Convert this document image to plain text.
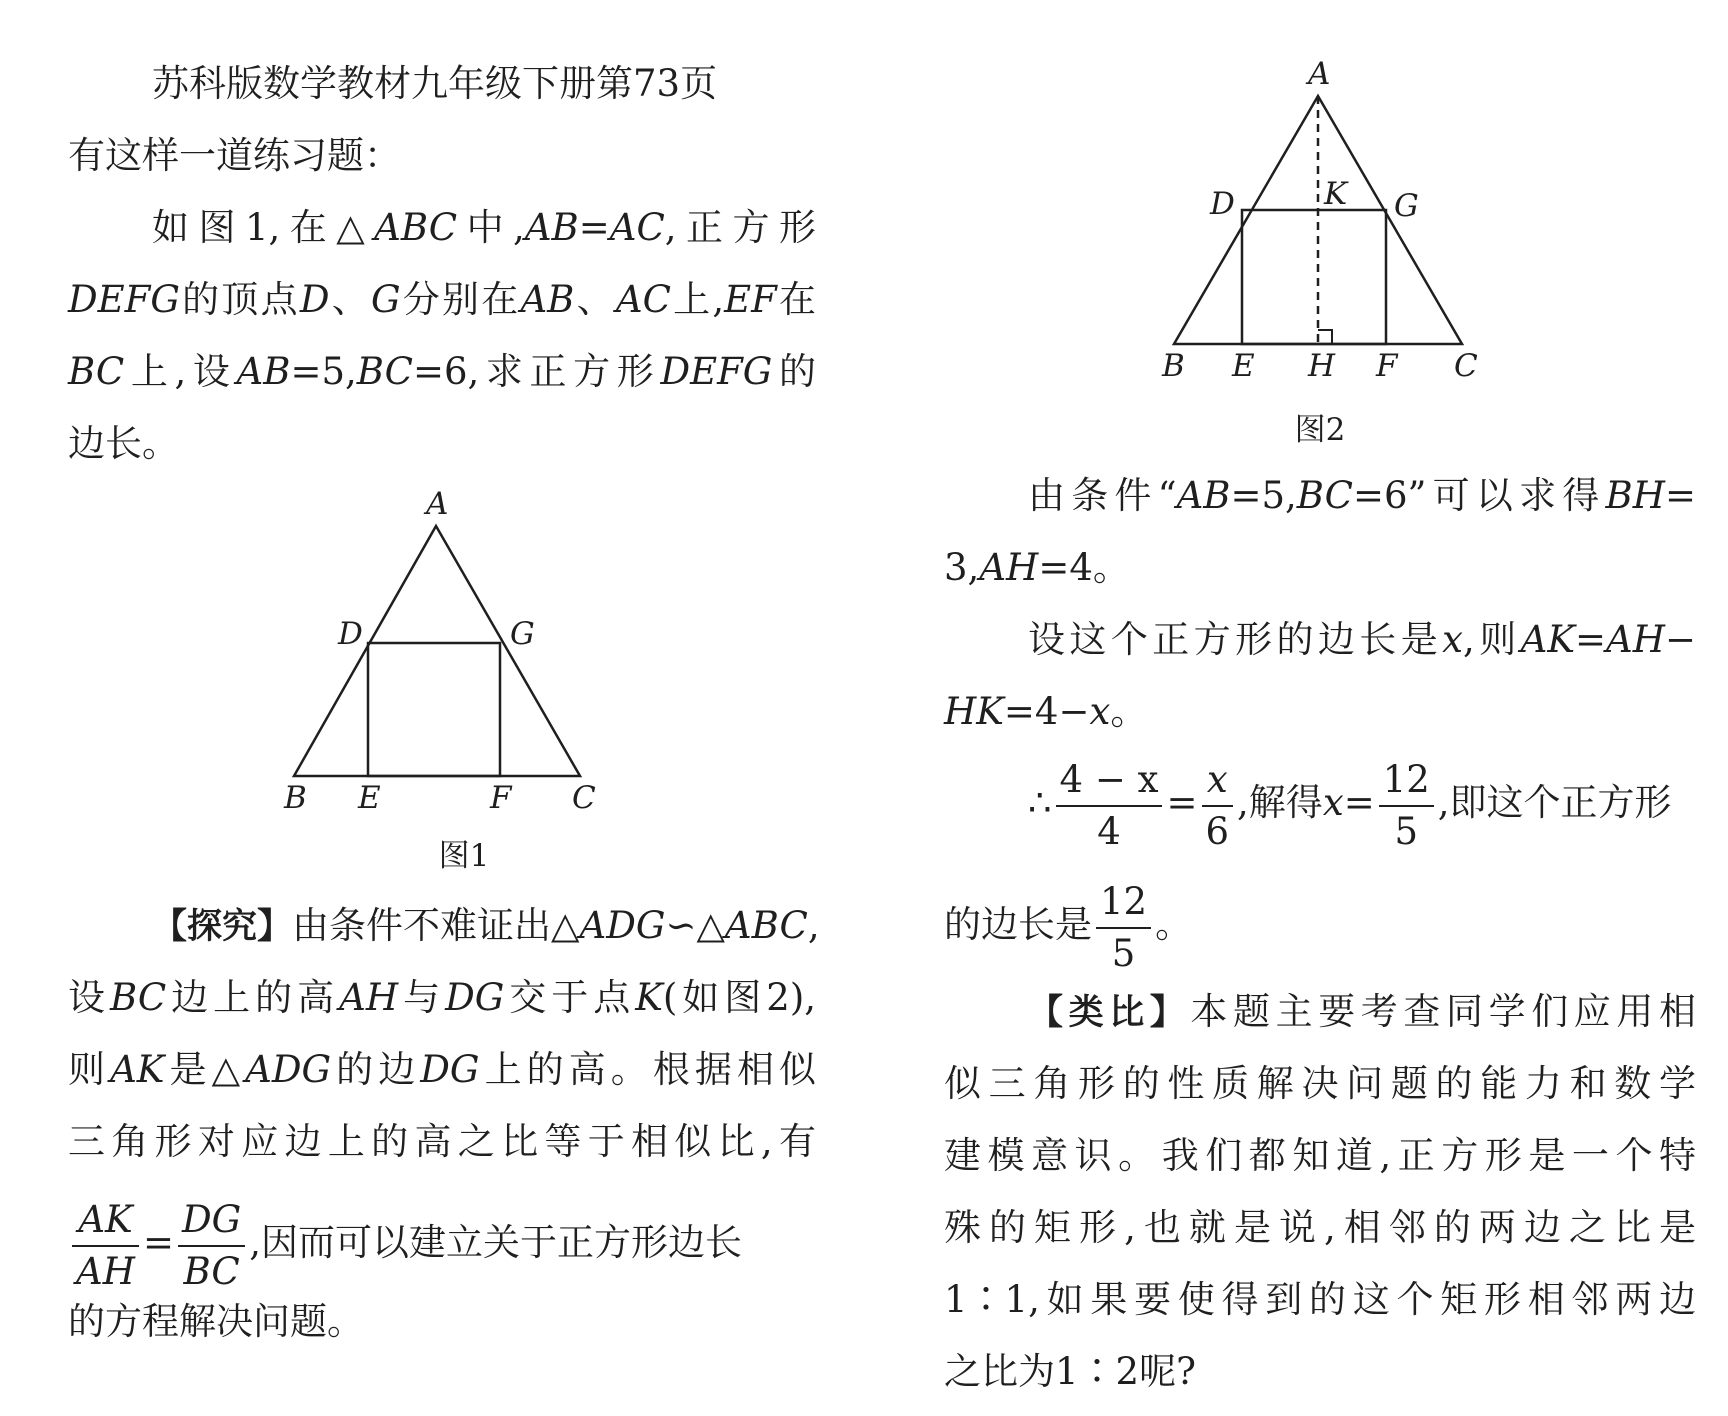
苏科版数学教材九年级下册第73页
有这样一道练习题：
如图1,在△ABC中,AB=AC,正方形
DEFG的顶点D、G分别在AB、AC上,EF在
BC上,设AB=5,BC=6,求正方形DEFG的
边长。
A
B	C
D
E	F
G
图1
【探究】由条件不难证出△ADG∽△ABC,
设BC边上的高AH与DG交于点K(如图2),
则AK是△ADG的边DG上的高。根据相似
三角形对应边上的高之比等于相似比,有
$\frac{AK}{AH} = \frac{DG}{BC}$ ,因而可以建立关于正方形边长
的方程解决问题。
A
B	C
D
E H F
G
K
图2
由条件“AB=5,BC=6”可以求得BH=
3,AH=4。
设这个正方形的边长是x,则AK=AH−
HK=4−x。
∴ $\frac{4 - x}{4} = \frac{x}{6}$ ,解得$x= \frac{12}{5}$ ,即这个正方形
的边长是 $\frac{12}{5}$ 。
【类比】本题主要考查同学们应用相
似三角形的性质解决问题的能力和数学
建模意识。我们都知道,正方形是一个特
殊的矩形,也就是说,相邻的两边之比是
1∶1,如果要使得到的这个矩形相邻两边
之比为1∶2呢?
